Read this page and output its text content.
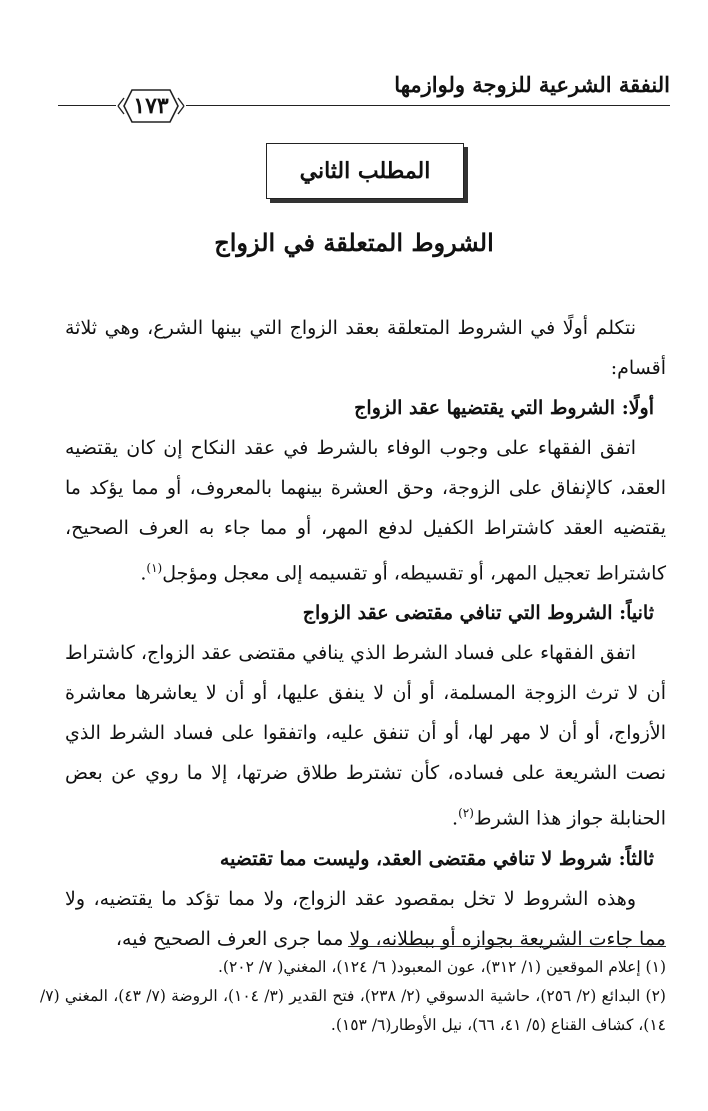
النفقة الشرعية للزوجة ولوازمها
١٧٣
المطلب الثاني
الشروط المتعلقة في الزواج

نتكلم أولًا في الشروط المتعلقة بعقد الزواج التي بينها الشرع، وهي ثلاثة أقسام:

أولًا: الشروط التي يقتضيها عقد الزواج

اتفق الفقهاء على وجوب الوفاء بالشرط في عقد النكاح إن كان يقتضيه العقد، كالإنفاق على الزوجة، وحق العشرة بينهما بالمعروف، أو مما يؤكد ما يقتضيه العقد كاشتراط الكفيل لدفع المهر، أو مما جاء به العرف الصحيح، كاشتراط تعجيل المهر، أو تقسيطه، أو تقسيمه إلى معجل ومؤجل$^{(١)}$.

ثانياً: الشروط التي تنافي مقتضى عقد الزواج

اتفق الفقهاء على فساد الشرط الذي ينافي مقتضى عقد الزواج، كاشتراط أن لا ترث الزوجة المسلمة، أو أن لا ينفق عليها، أو أن لا يعاشرها معاشرة الأزواج، أو أن لا مهر لها، أو أن تنفق عليه، واتفقوا على فساد الشرط الذي نصت الشريعة على فساده، كأن تشترط طلاق ضرتها، إلا ما روي عن بعض الحنابلة جواز هذا الشرط$^{(٢)}$.

ثالثاً: شروط لا تنافي مقتضى العقد، وليست مما تقتضيه

وهذه الشروط لا تخل بمقصود عقد الزواج، ولا مما تؤكد ما يقتضيه، ولا مما جاءت الشريعة بجوازه أو ببطلانه، ولا مما جرى العرف الصحيح فيه،

(١) إعلام الموقعين (١/ ٣١٢)، عون المعبود( ٦/ ١٢٤)، المغني( ٧/ ٢٠٢).
(٢) البدائع (٢/ ٢٥٦)، حاشية الدسوقي (٢/ ٢٣٨)، فتح القدير (٣/ ١٠٤)، الروضة (٧/ ٤٣)، المغني (٧/ ١٤)، كشاف القناع (٥/ ٤١، ٦٦)، نيل الأوطار(٦/ ١٥٣).
